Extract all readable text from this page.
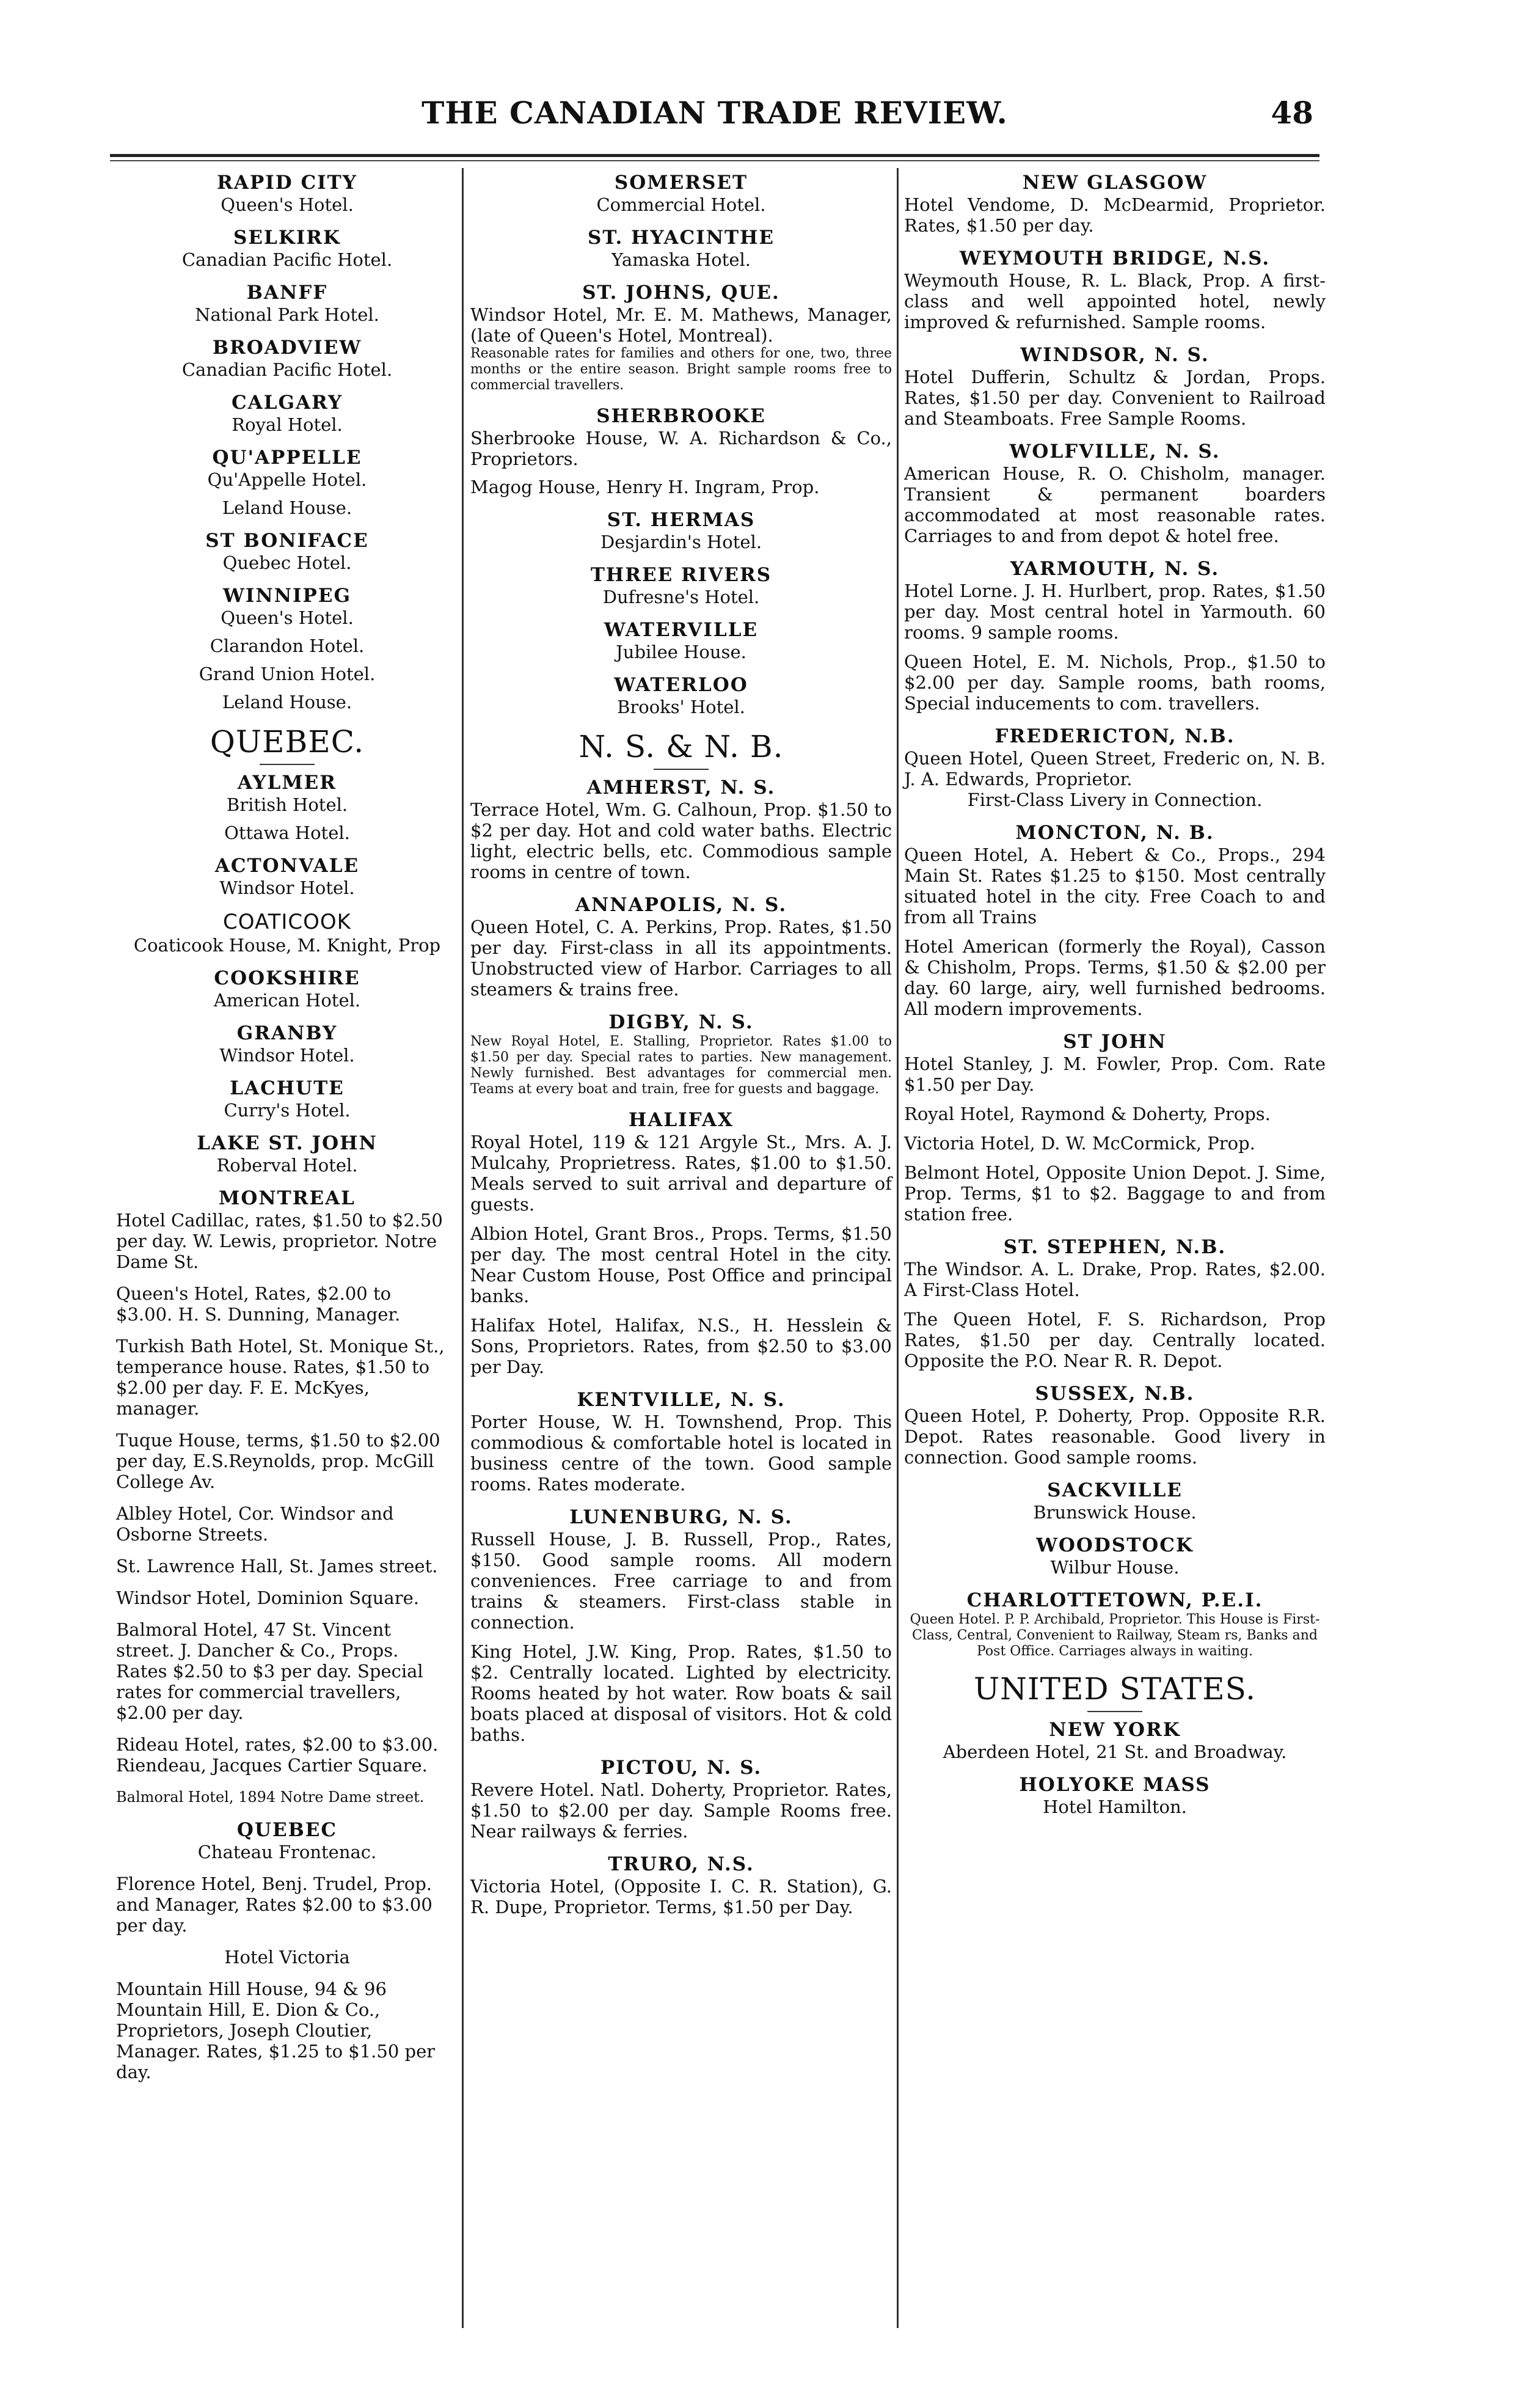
THE CANADIAN TRADE REVIEW.	48
RAPID CITY
Queen's Hotel.
SELKIRK
Canadian Pacific Hotel.
BANFF
National Park Hotel.
BROADVIEW
Canadian Pacific Hotel.
CALGARY
Royal Hotel.
QU'APPELLE
Qu'Appelle Hotel.
Leland House.
ST BONIFACE
Quebec Hotel.
WINNIPEG
Queen's Hotel.
Clarandon Hotel.
Grand Union Hotel.
Leland House.
QUEBEC.
AYLMER
British Hotel.
Ottawa Hotel.
ACTONVALE
Windsor Hotel.
COATICOOK
Coaticook House, M. Knight, Prop
COOKSHIRE
American Hotel.
GRANBY
Windsor Hotel.
LACHUTE
Curry's Hotel.
LAKE ST. JOHN
Roberval Hotel.
MONTREAL
Hotel Cadillac, rates, $1.50 to $2.50 per day. W. Lewis, proprietor. Notre Dame St.
Queen's Hotel, Rates, $2.00 to $3.00. H. S. Dunning, Manager.
Turkish Bath Hotel, St. Monique St., temperance house. Rates, $1.50 to $2.00 per day. F. E. McKyes, manager.
Tuque House, terms, $1.50 to $2.00 per day, E.S.Reynolds, prop. McGill College Av.
Albley Hotel, Cor. Windsor and Osborne Streets.
St. Lawrence Hall, St. James street.
Windsor Hotel, Dominion Square.
Balmoral Hotel, 47 St. Vincent street. J. Dancher & Co., Props. Rates $2.50 to $3 per day. Special rates for commercial travellers, $2.00 per day.
Rideau Hotel, rates, $2.00 to $3.00. Riendeau, Jacques Cartier Square.
Balmoral Hotel, 1894 Notre Dame street.
QUEBEC
Chateau Frontenac.
Florence Hotel, Benj. Trudel, Prop. and Manager, Rates $2.00 to $3.00 per day.
Hotel Victoria
Mountain Hill House, 94 & 96 Mountain Hill, E. Dion & Co., Proprietors, Joseph Cloutier, Manager. Rates, $1.25 to $1.50 per day.
SOMERSET
Commercial Hotel.
ST. HYACINTHE
Yamaska Hotel.
ST. JOHNS, QUE.
Windsor Hotel, Mr. E. M. Mathews, Manager, (late of Queen's Hotel, Montreal).
Reasonable rates for families and others for one, two, three months or the entire season. Bright sample rooms free to commercial travellers.
SHERBROOKE
Sherbrooke House, W. A. Richardson & Co., Proprietors.
Magog House, Henry H. Ingram, Prop.
ST. HERMAS
Desjardin's Hotel.
THREE RIVERS
Dufresne's Hotel.
WATERVILLE
Jubilee House.
WATERLOO
Brooks' Hotel.
N. S. & N. B.
AMHERST, N. S.
Terrace Hotel, Wm. G. Calhoun, Prop. $1.50 to $2 per day. Hot and cold water baths. Electric light, electric bells, etc. Commodious sample rooms in centre of town.
ANNAPOLIS, N. S.
Queen Hotel, C. A. Perkins, Prop. Rates, $1.50 per day. First-class in all its appointments. Unobstructed view of Harbor. Carriages to all steamers & trains free.
DIGBY, N. S.
New Royal Hotel, E. Stalling, Proprietor. Rates $1.00 to $1.50 per day. Special rates to parties. New management. Newly furnished. Best advantages for commercial men. Teams at every boat and train, free for guests and baggage.
HALIFAX
Royal Hotel, 119 & 121 Argyle St., Mrs. A. J. Mulcahy, Proprietress. Rates, $1.00 to $1.50. Meals served to suit arrival and departure of guests.
Albion Hotel, Grant Bros., Props. Terms, $1.50 per day. The most central Hotel in the city. Near Custom House, Post Office and principal banks.
Halifax Hotel, Halifax, N.S., H. Hesslein & Sons, Proprietors. Rates, from $2.50 to $3.00 per Day.
KENTVILLE, N. S.
Porter House, W. H. Townshend, Prop. This commodious & comfortable hotel is located in business centre of the town. Good sample rooms. Rates moderate.
LUNENBURG, N. S.
Russell House, J. B. Russell, Prop., Rates, $150. Good sample rooms. All modern conveniences. Free carriage to and from trains & steamers. First-class stable in connection.
King Hotel, J.W. King, Prop. Rates, $1.50 to $2. Centrally located. Lighted by electricity. Rooms heated by hot water. Row boats & sail boats placed at disposal of visitors. Hot & cold baths.
PICTOU, N. S.
Revere Hotel. Natl. Doherty, Proprietor. Rates, $1.50 to $2.00 per day. Sample Rooms free. Near railways & ferries.
TRURO, N.S.
Victoria Hotel, (Opposite I. C. R. Station), G. R. Dupe, Proprietor. Terms, $1.50 per Day.
NEW GLASGOW
Hotel Vendome, D. McDearmid, Proprietor. Rates, $1.50 per day.
WEYMOUTH BRIDGE, N.S.
Weymouth House, R. L. Black, Prop. A first-class and well appointed hotel, newly improved & refurnished. Sample rooms.
WINDSOR, N. S.
Hotel Dufferin, Schultz & Jordan, Props. Rates, $1.50 per day. Convenient to Railroad and Steamboats. Free Sample Rooms.
WOLFVILLE, N. S.
American House, R. O. Chisholm, manager. Transient & permanent boarders accommodated at most reasonable rates. Carriages to and from depot & hotel free.
YARMOUTH, N. S.
Hotel Lorne. J. H. Hurlbert, prop. Rates, $1.50 per day. Most central hotel in Yarmouth. 60 rooms. 9 sample rooms.
Queen Hotel, E. M. Nichols, Prop., $1.50 to $2.00 per day. Sample rooms, bath rooms, Special inducements to com. travellers.
FREDERICTON, N.B.
Queen Hotel, Queen Street, Frederic on, N. B. J. A. Edwards, Proprietor.
First-Class Livery in Connection.
MONCTON, N. B.
Queen Hotel, A. Hebert & Co., Props., 294 Main St. Rates $1.25 to $150. Most centrally situated hotel in the city. Free Coach to and from all Trains
Hotel American (formerly the Royal), Casson & Chisholm, Props. Terms, $1.50 & $2.00 per day. 60 large, airy, well furnished bedrooms. All modern improvements.
ST JOHN
Hotel Stanley, J. M. Fowler, Prop. Com. Rate $1.50 per Day.
Royal Hotel, Raymond & Doherty, Props.
Victoria Hotel, D. W. McCormick, Prop.
Belmont Hotel, Opposite Union Depot. J. Sime, Prop. Terms, $1 to $2. Baggage to and from station free.
ST. STEPHEN, N.B.
The Windsor. A. L. Drake, Prop. Rates, $2.00. A First-Class Hotel.
The Queen Hotel, F. S. Richardson, Prop Rates, $1.50 per day. Centrally located. Opposite the P.O. Near R. R. Depot.
SUSSEX, N.B.
Queen Hotel, P. Doherty, Prop. Opposite R.R. Depot. Rates reasonable. Good livery in connection. Good sample rooms.
SACKVILLE
Brunswick House.
WOODSTOCK
Wilbur House.
CHARLOTTETOWN, P.E.I.
Queen Hotel. P. P. Archibald, Proprietor. This House is First-Class, Central, Convenient to Railway, Steam rs, Banks and Post Office. Carriages always in waiting.
UNITED STATES.
NEW YORK
Aberdeen Hotel, 21 St. and Broadway.
HOLYOKE MASS
Hotel Hamilton.
